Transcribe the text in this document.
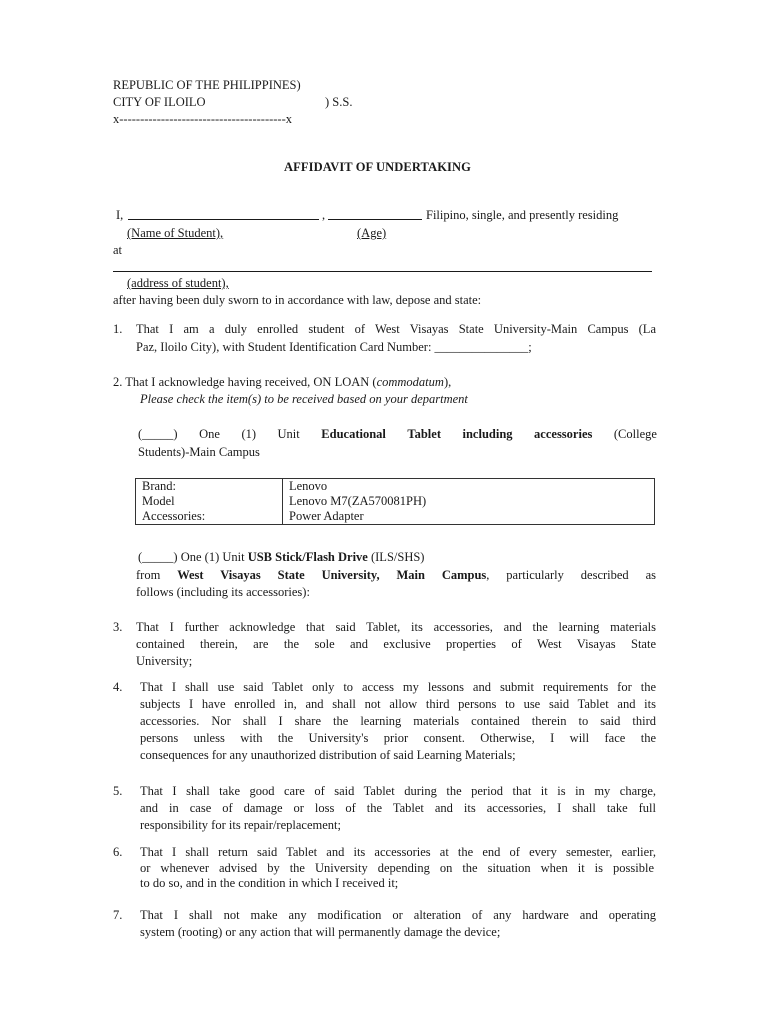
REPUBLIC OF THE PHILIPPINES)
CITY OF ILOILO	) S.S.
x----------------------------------------x
AFFIDAVIT OF UNDERTAKING
I,	,	Filipino, single, and presently residing
(Name of Student),	(Age)
at
(address of student),
after having been duly sworn to in accordance with law, depose and state:
1. That I am a duly enrolled student of West Visayas State University-Main Campus (La
Paz, Iloilo City), with Student Identification Card Number: _______________;
2. That I acknowledge having received, ON LOAN (commodatum),
Please check the item(s) to be received based on your department
(_____) One (1) Unit Educational Tablet including accessories (College
Students)-Main Campus
Brand:	Lenovo
Model	Lenovo M7(ZA570081PH)
Accessories:	Power Adapter
(_____) One (1) Unit USB Stick/Flash Drive (ILS/SHS)
from West Visayas State University, Main Campus, particularly described as
follows (including its accessories):
3. That I further acknowledge that said Tablet, its accessories, and the learning materials
contained therein, are the sole and exclusive properties of West Visayas State
University;
4. That I shall use said Tablet only to access my lessons and submit requirements for the
subjects I have enrolled in, and shall not allow third persons to use said Tablet and its
accessories. Nor shall I share the learning materials contained therein to said third
persons unless with the University's prior consent. Otherwise, I will face the
consequences for any unauthorized distribution of said Learning Materials;
5. That I shall take good care of said Tablet during the period that it is in my charge,
and in case of damage or loss of the Tablet and its accessories, I shall take full
responsibility for its repair/replacement;
6. That I shall return said Tablet and its accessories at the end of every semester, earlier,
or whenever advised by the University depending on the situation when it is possible
to do so, and in the condition in which I received it;
7. That I shall not make any modification or alteration of any hardware and operating
system (rooting) or any action that will permanently damage the device;
